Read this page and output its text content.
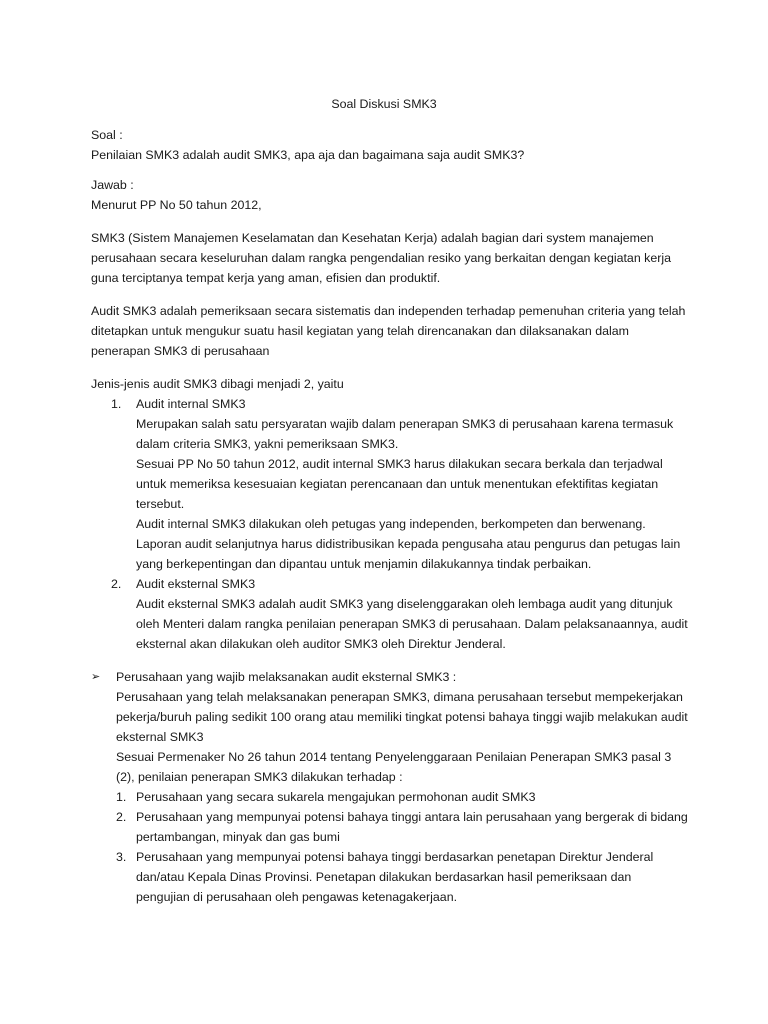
Soal Diskusi SMK3

Soal :

Penilaian SMK3 adalah audit SMK3, apa aja dan bagaimana saja audit SMK3?

Jawab :

Menurut PP No 50 tahun 2012,

SMK3 (Sistem Manajemen Keselamatan dan Kesehatan Kerja) adalah bagian dari system manajemen perusahaan secara keseluruhan dalam rangka pengendalian resiko yang berkaitan dengan kegiatan kerja guna terciptanya tempat kerja yang aman, efisien dan produktif.

Audit SMK3 adalah pemeriksaan secara sistematis dan independen terhadap pemenuhan criteria yang telah ditetapkan untuk mengukur suatu hasil kegiatan yang telah direncanakan dan dilaksanakan dalam penerapan SMK3 di perusahaan

Jenis-jenis audit SMK3 dibagi menjadi 2, yaitu

1. Audit internal SMK3
Merupakan salah satu persyaratan wajib dalam penerapan SMK3 di perusahaan karena termasuk dalam criteria SMK3, yakni pemeriksaan SMK3.
Sesuai PP No 50 tahun 2012, audit internal SMK3 harus dilakukan secara berkala dan terjadwal untuk memeriksa kesesuaian kegiatan perencanaan dan untuk menentukan efektifitas kegiatan tersebut.
Audit internal SMK3 dilakukan oleh petugas yang independen, berkompeten dan berwenang. Laporan audit selanjutnya harus didistribusikan kepada pengusaha atau pengurus dan petugas lain yang berkepentingan dan dipantau untuk menjamin dilakukannya tindak perbaikan.
2. Audit eksternal SMK3
Audit eksternal SMK3 adalah audit SMK3 yang diselenggarakan oleh lembaga audit yang ditunjuk oleh Menteri dalam rangka penilaian penerapan SMK3 di perusahaan. Dalam pelaksanaannya, audit eksternal akan dilakukan oleh auditor SMK3 oleh Direktur Jenderal.
➢ Perusahaan yang wajib melaksanakan audit eksternal SMK3 :
Perusahaan yang telah melaksanakan penerapan SMK3, dimana perusahaan tersebut mempekerjakan pekerja/buruh paling sedikit 100 orang atau memiliki tingkat potensi bahaya tinggi wajib melakukan audit eksternal SMK3
Sesuai Permenaker No 26 tahun 2014 tentang Penyelenggaraan Penilaian Penerapan SMK3 pasal 3 (2), penilaian penerapan SMK3 dilakukan terhadap :
1. Perusahaan yang secara sukarela mengajukan permohonan audit SMK3
2. Perusahaan yang mempunyai potensi bahaya tinggi antara lain perusahaan yang bergerak di bidang pertambangan, minyak dan gas bumi
3. Perusahaan yang mempunyai potensi bahaya tinggi berdasarkan penetapan Direktur Jenderal dan/atau Kepala Dinas Provinsi. Penetapan dilakukan berdasarkan hasil pemeriksaan dan pengujian di perusahaan oleh pengawas ketenagakerjaan.
